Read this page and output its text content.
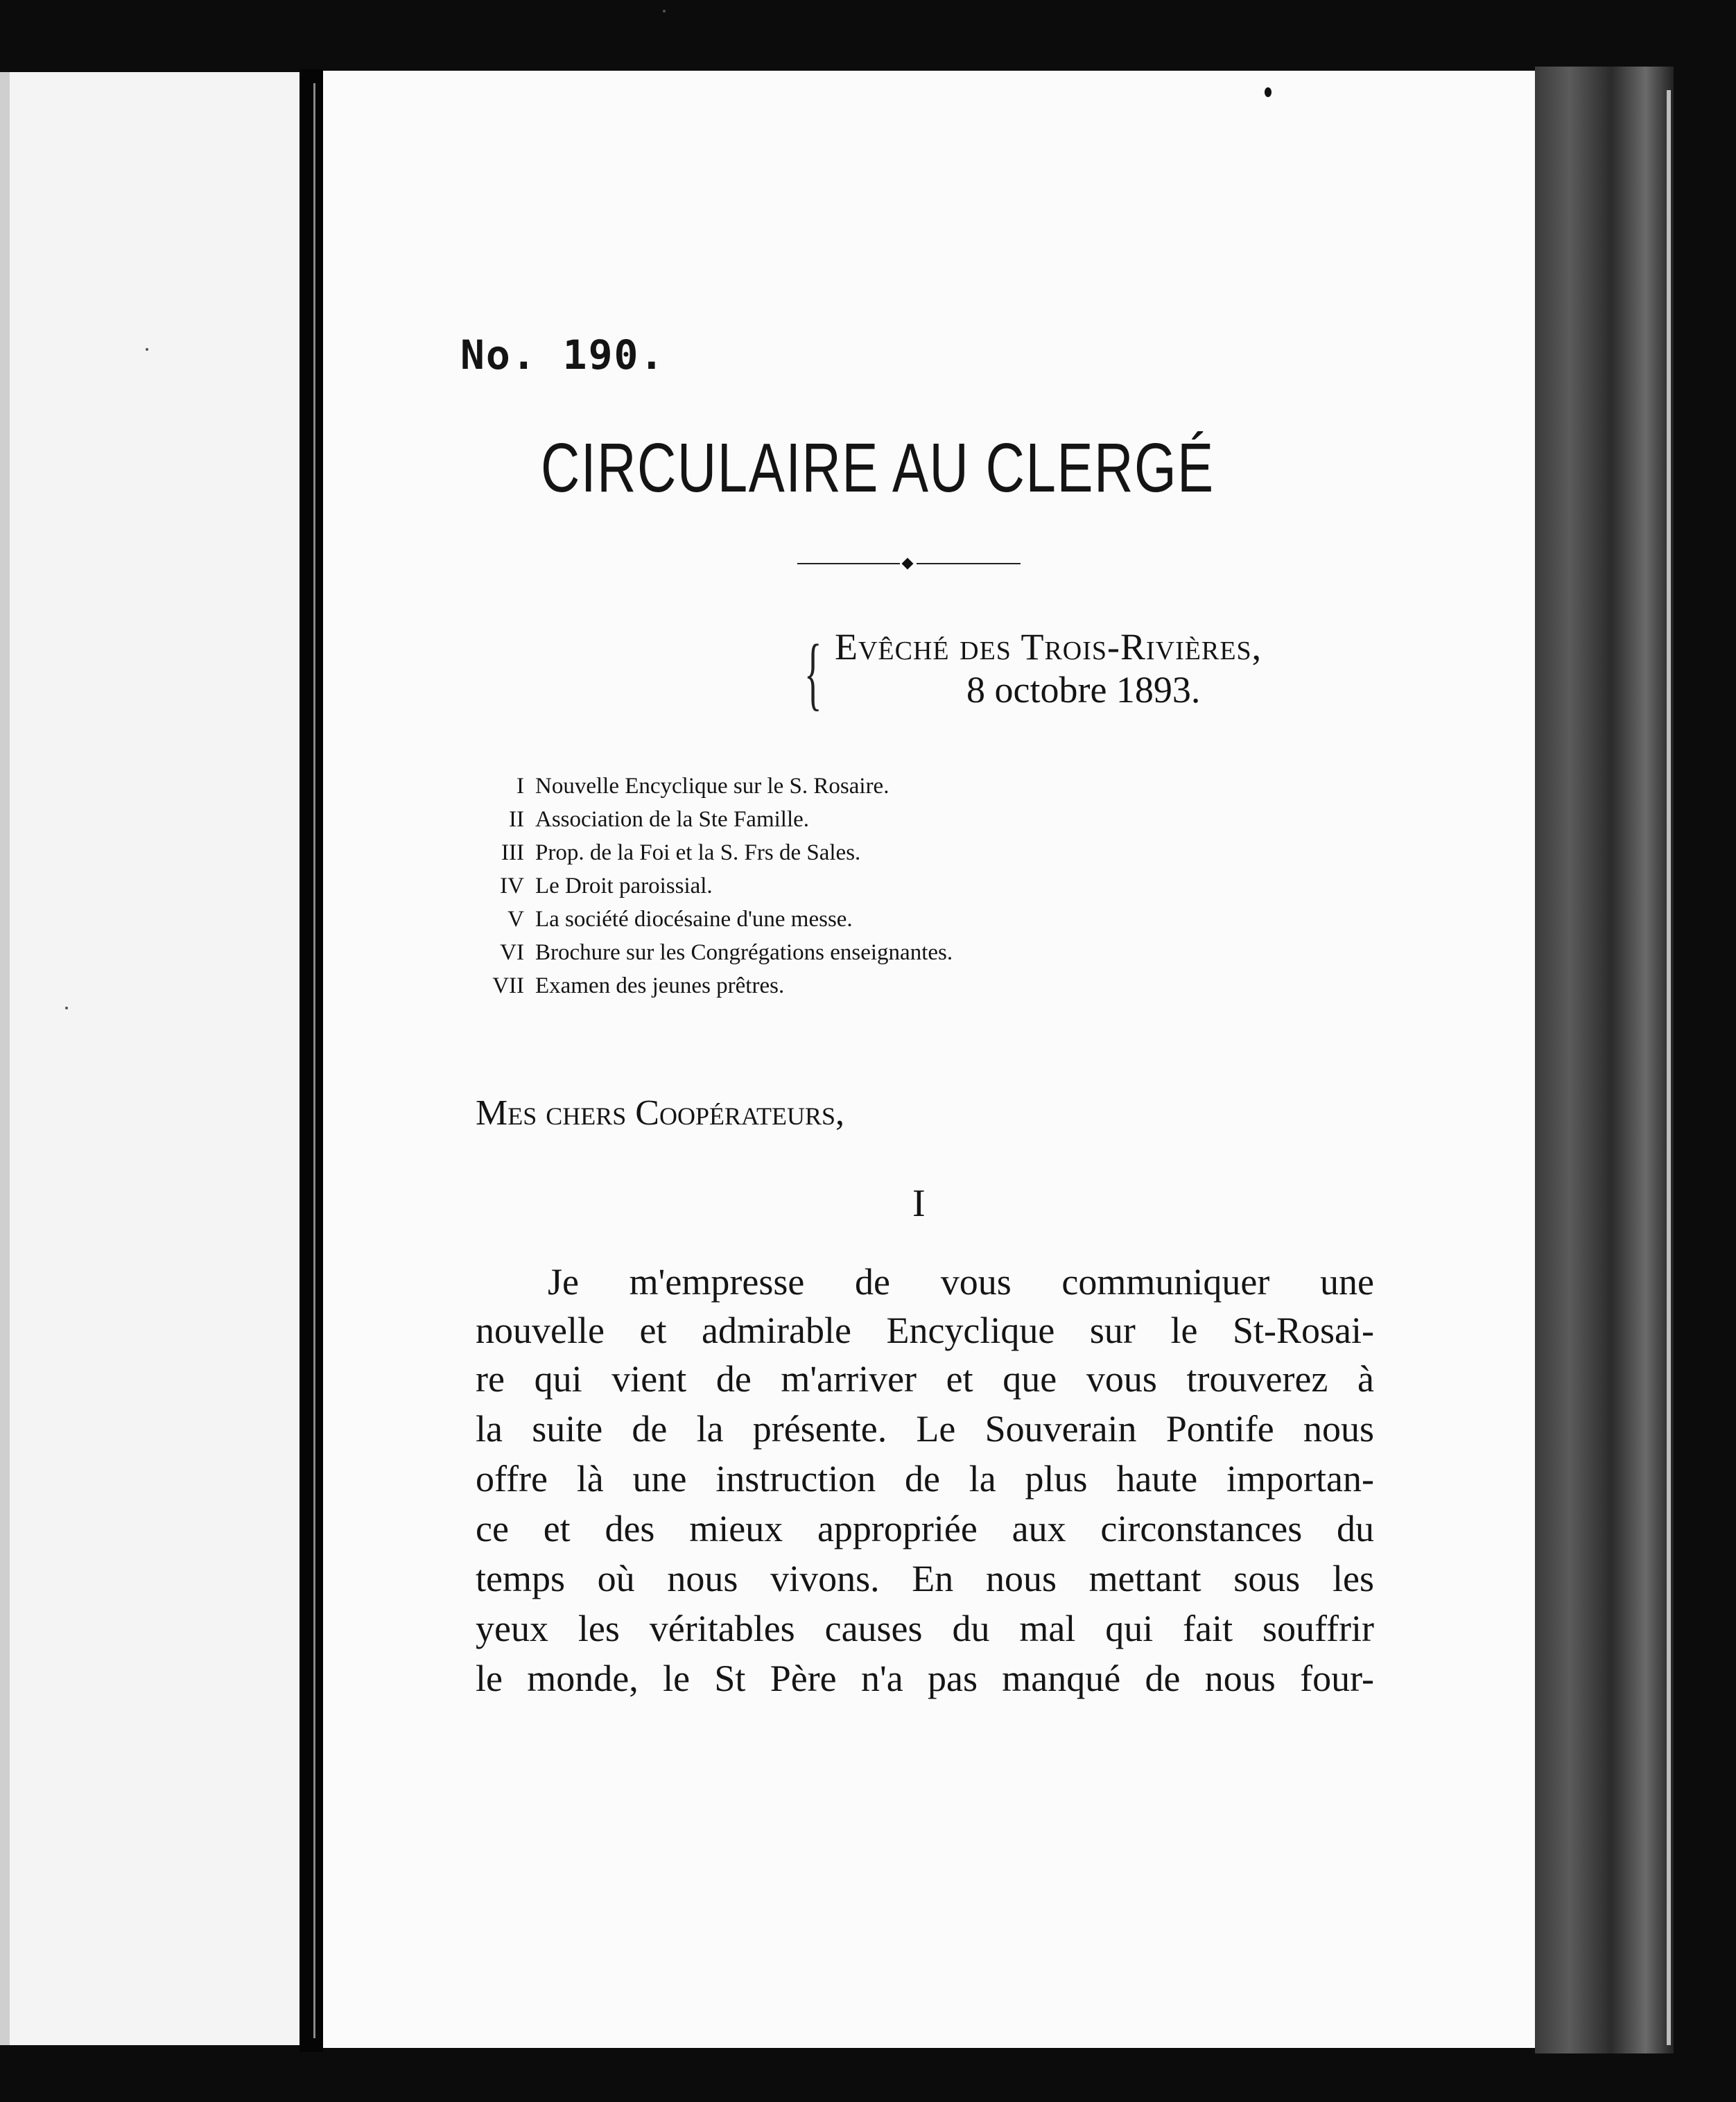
No. 190.
CIRCULAIRE AU CLERGÉ
{ Evêché des Trois-Rivières,
8 octobre 1893.
I Nouvelle Encyclique sur le S. Rosaire.
II Association de la Ste Famille.
III Prop. de la Foi et la S. Frs de Sales.
IV Le Droit paroissial.
V La société diocésaine d'une messe.
VI Brochure sur les Congrégations enseignantes.
VII Examen des jeunes prêtres.
Mes chers Coopérateurs,
I
Je m'empresse de vous communiquer une
nouvelle et admirable Encyclique sur le St-Rosai-
re qui vient de m'arriver et que vous trouverez à
la suite de la présente. Le Souverain Pontife nous
offre là une instruction de la plus haute importan-
ce et des mieux appropriée aux circonstances du
temps où nous vivons. En nous mettant sous les
yeux les véritables causes du mal qui fait souffrir
le monde, le St Père n'a pas manqué de nous four-
